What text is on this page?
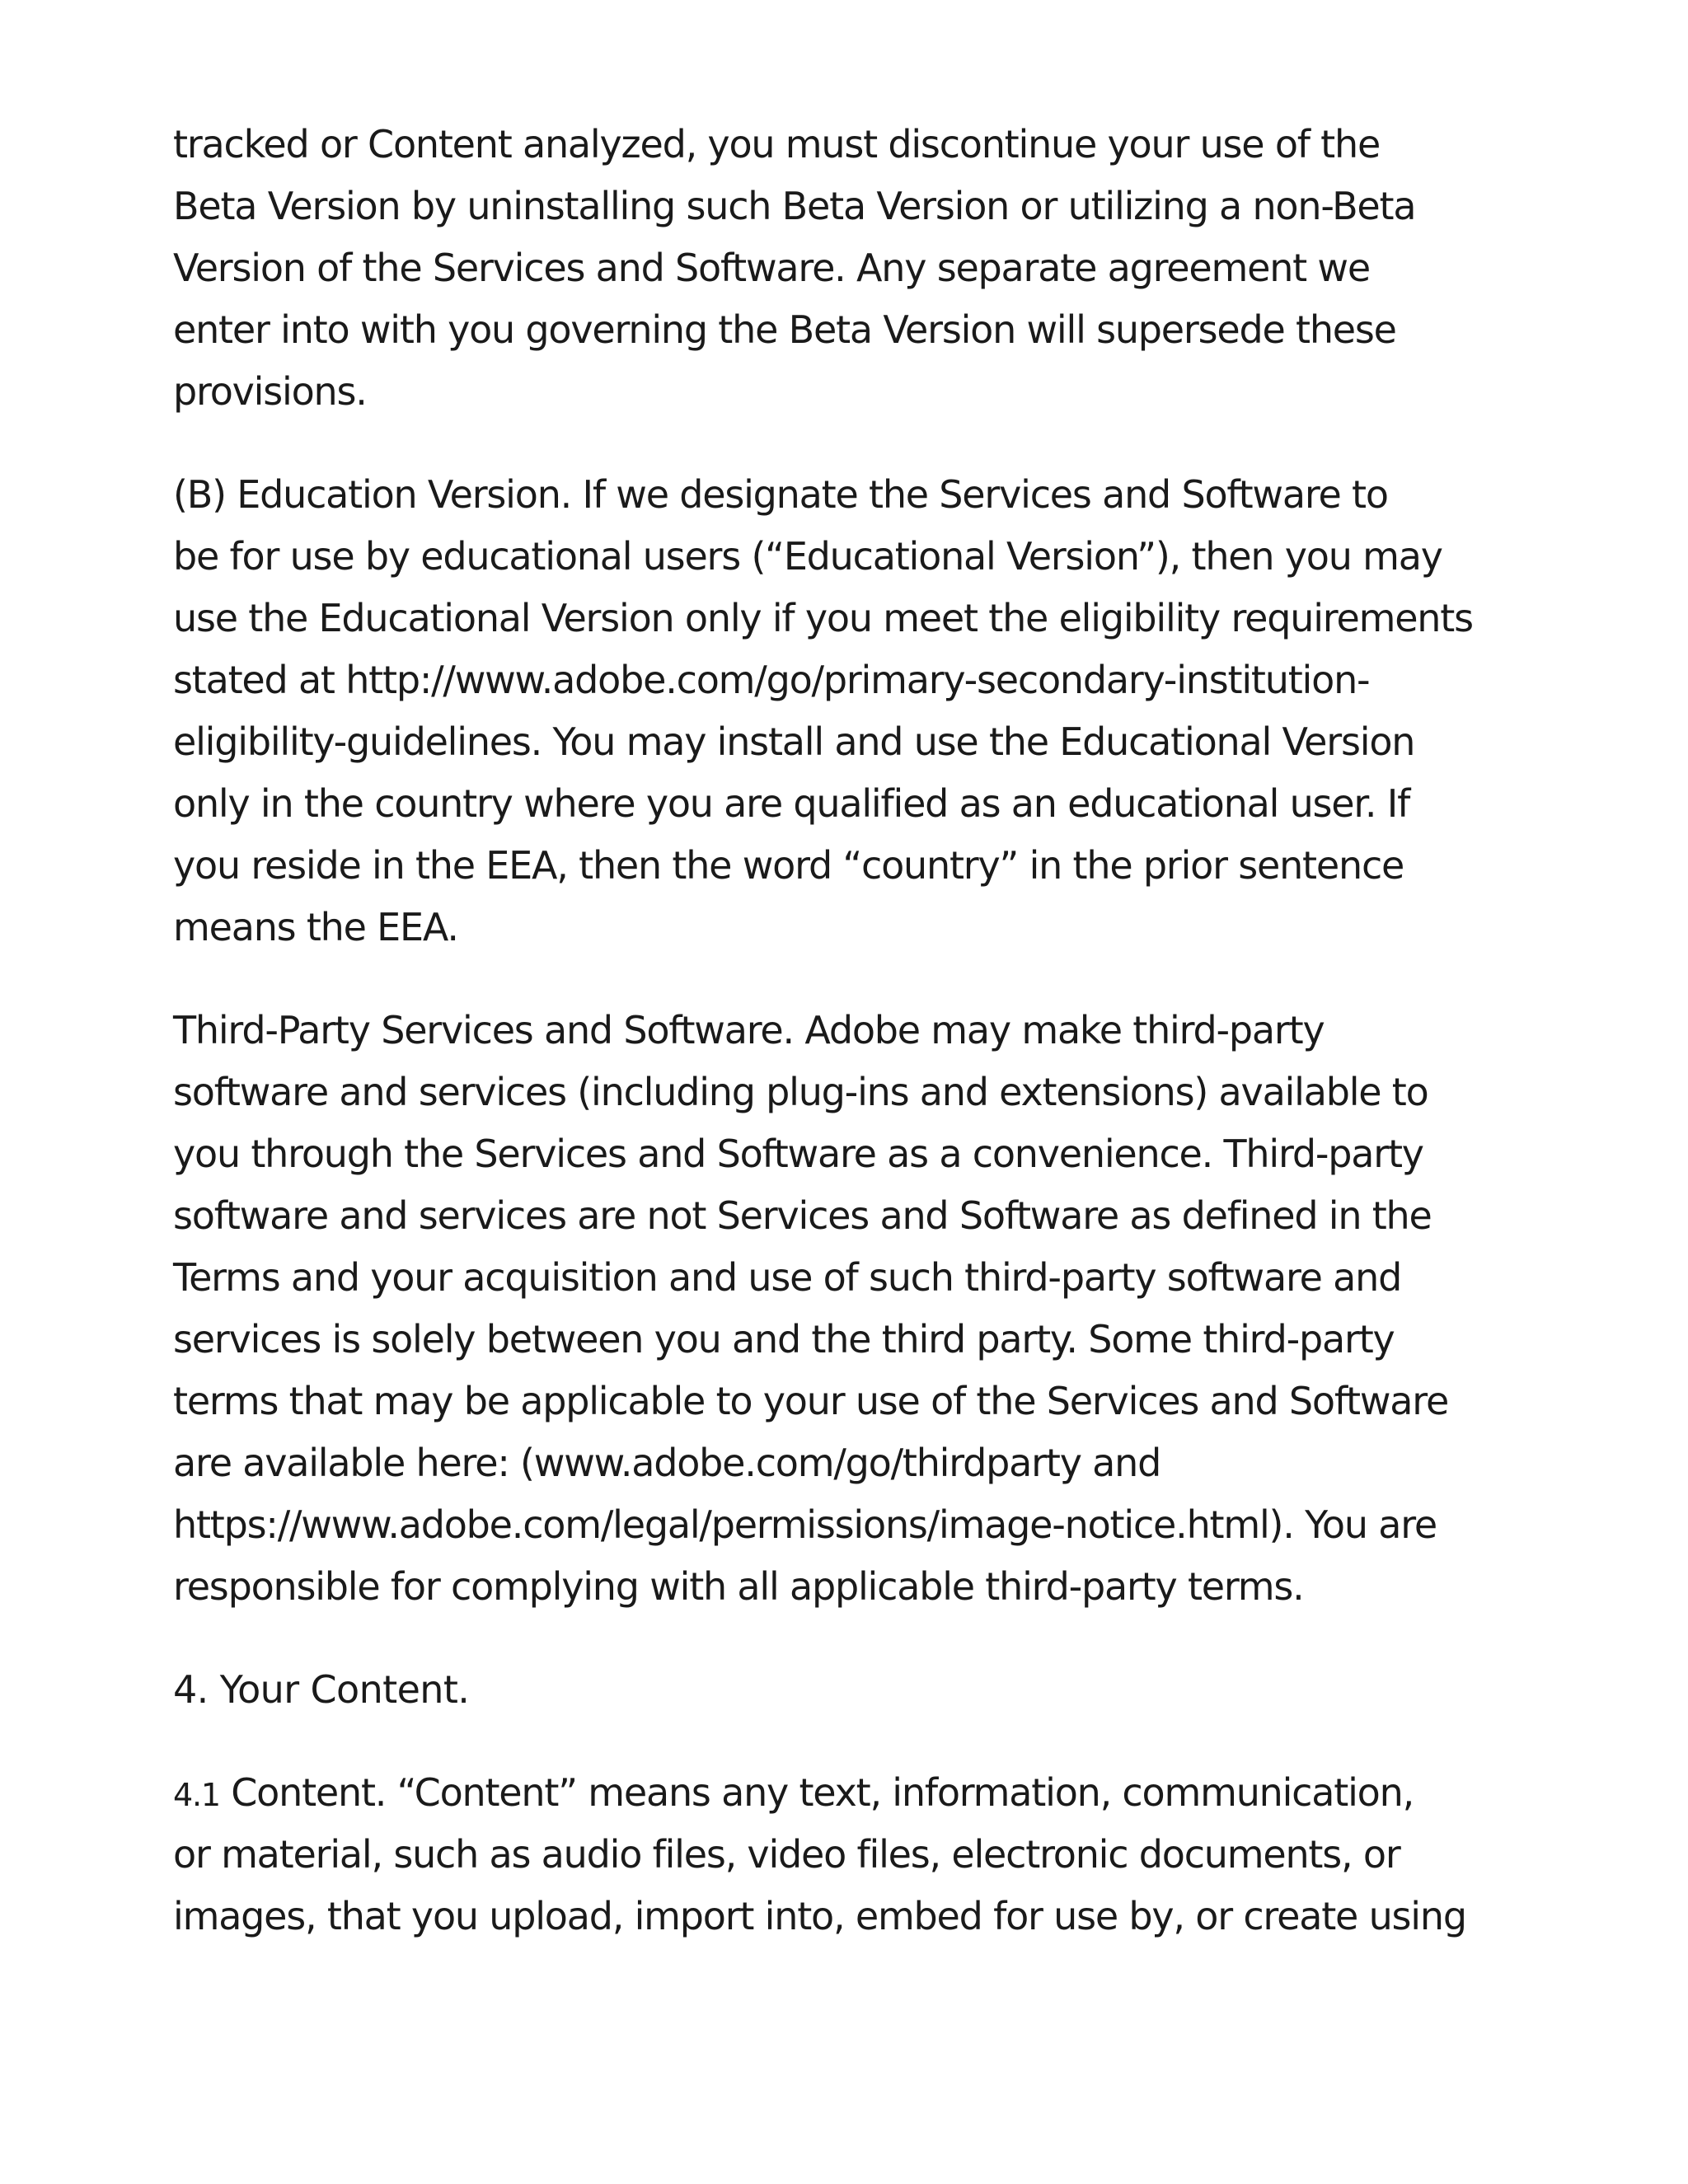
tracked or Content analyzed, you must discontinue your use of the
Beta Version by uninstalling such Beta Version or utilizing a non-Beta
Version of the Services and Software. Any separate agreement we
enter into with you governing the Beta Version will supersede these
provisions.
(B) Education Version. If we designate the Services and Software to
be for use by educational users (“Educational Version”), then you may
use the Educational Version only if you meet the eligibility requirements
stated at http://www.adobe.com/go/primary-secondary-institution-
eligibility-guidelines. You may install and use the Educational Version
only in the country where you are qualified as an educational user. If
you reside in the EEA, then the word “country” in the prior sentence
means the EEA.
Third-Party Services and Software. Adobe may make third-party
software and services (including plug-ins and extensions) available to
you through the Services and Software as a convenience. Third-party
software and services are not Services and Software as defined in the
Terms and your acquisition and use of such third-party software and
services is solely between you and the third party. Some third-party
terms that may be applicable to your use of the Services and Software
are available here: (www.adobe.com/go/thirdparty and
https://www.adobe.com/legal/permissions/image-notice.html). You are
responsible for complying with all applicable third-party terms.
4. Your Content.
4.1 Content. “Content” means any text, information, communication,
or material, such as audio files, video files, electronic documents, or
images, that you upload, import into, embed for use by, or create using
